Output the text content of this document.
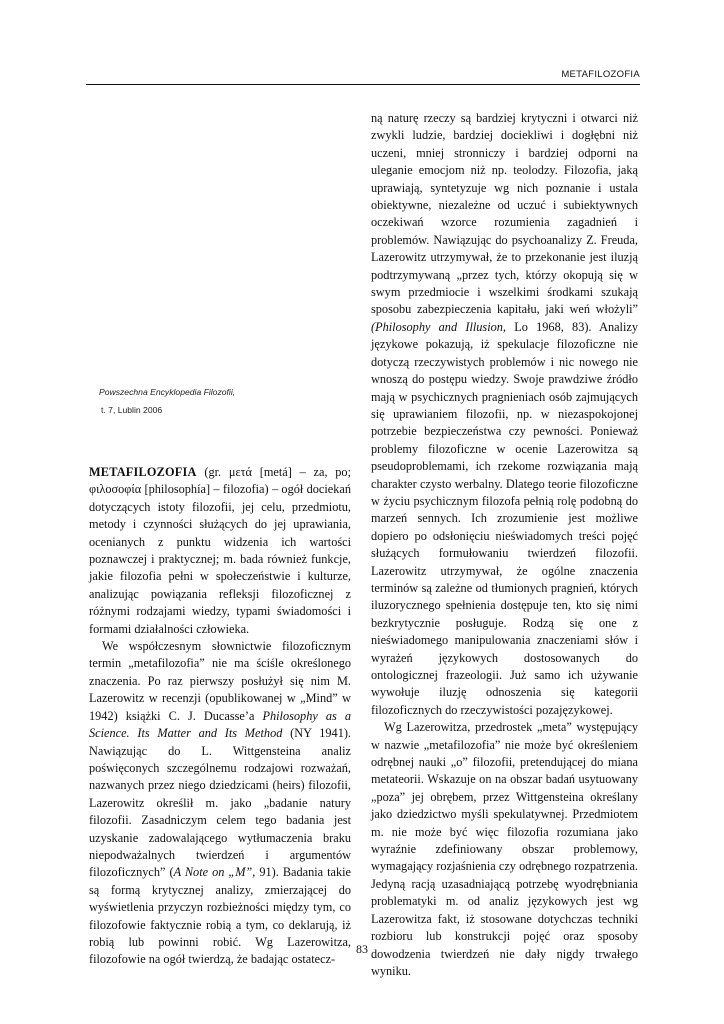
METAFILOZOFIA
Powszechna Encyklopedia Filozofii,
t. 7, Lublin 2006

METAFILOZOFIA (gr. μετά [metá] – za, po; φιλοσοφία [philosophía] – filozofia) – ogół dociekań dotyczących istoty filozofii, jej celu, przedmiotu, metody i czynności służących do jej uprawiania, ocenianych z punktu widzenia ich wartości poznawczej i praktycznej; m. bada również funkcje, jakie filozofia pełni w społeczeństwie i kulturze, analizując powiązania refleksji filozoficznej z różnymi rodzajami wiedzy, typami świadomości i formami działalności człowieka.

We współczesnym słownictwie filozoficznym termin „metafilozofia” nie ma ściśle określonego znaczenia. Po raz pierwszy posłużył się nim M. Lazerowitz w recenzji (opublikowanej w „Mind” w 1942) książki C. J. Ducasse’a Philosophy as a Science. Its Matter and Its Method (NY 1941). Nawiązując do L. Wittgensteina analiz poświęconych szczególnemu rodzajowi rozważań, nazwanych przez niego dziedzicami (heirs) filozofii, Lazerowitz określił m. jako „badanie natury filozofii. Zasadniczym celem tego badania jest uzyskanie zadowalającego wytłumaczenia braku niepodważalnych twierdzeń i argumentów filozoficznych” (A Note on „M”, 91). Badania takie są formą krytycznej analizy, zmierzającej do wyświetlenia przyczyn rozbieżności między tym, co filozofowie faktycznie robią a tym, co deklarują, iż robią lub powinni robić. Wg Lazerowitza, filozofowie na ogół twierdzą, że badając ostatecz-

ną naturę rzeczy są bardziej krytyczni i otwarci niż zwykli ludzie, bardziej dociekliwi i dogłębni niż uczeni, mniej stronniczy i bardziej odporni na uleganie emocjom niż np. teolodzy. Filozofia, jaką uprawiają, syntetyzuje wg nich poznanie i ustala obiektywne, niezależne od uczuć i subiektywnych oczekiwań wzorce rozumienia zagadnień i problemów. Nawiązując do psychoanalizy Z. Freuda, Lazerowitz utrzymywał, że to przekonanie jest iluzją podtrzymywaną „przez tych, którzy okopują się w swym przedmiocie i wszelkimi środkami szukają sposobu zabezpieczenia kapitału, jaki weń włożyli” (Philosophy and Illusion, Lo 1968, 83). Analizy językowe pokazują, iż spekulacje filozoficzne nie dotyczą rzeczywistych problemów i nic nowego nie wnoszą do postępu wiedzy. Swoje prawdziwe źródło mają w psychicznych pragnieniach osób zajmujących się uprawianiem filozofii, np. w niezaspokojonej potrzebie bezpieczeństwa czy pewności. Ponieważ problemy filozoficzne w ocenie Lazerowitza są pseudoproblemami, ich rzekome rozwiązania mają charakter czysto werbalny. Dlatego teorie filozoficzne w życiu psychicznym filozofa pełnią rolę podobną do marzeń sennych. Ich zrozumienie jest możliwe dopiero po odsłonięciu nieświadomych treści pojęć służących formułowaniu twierdzeń filozofii. Lazerowitz utrzymywał, że ogólne znaczenia terminów są zależne od tłumionych pragnień, których iluzorycznego spełnienia dostępuje ten, kto się nimi bezkrytycznie posługuje. Rodzą się one z nieświadomego manipulowania znaczeniami słów i wyrażeń językowych dostosowanych do ontologicznej frazeologii. Już samo ich używanie wywołuje iluzję odnoszenia się kategorii filozoficznych do rzeczywistości pozajęzykowej.

Wg Lazerowitza, przedrostek „meta” występujący w nazwie „metafilozofia” nie może być określeniem odrębnej nauki „o” filozofii, pretendującej do miana metateorii. Wskazuje on na obszar badań usytuowany „poza” jej obrębem, przez Wittgensteina określany jako dziedzictwo myśli spekulatywnej. Przedmiotem m. nie może być więc filozofia rozumiana jako wyraźnie zdefiniowany obszar problemowy, wymagający rozjaśnienia czy odrębnego rozpatrzenia. Jedyną racją uzasadniającą potrzebę wyodrębniania problematyki m. od analiz językowych jest wg Lazerowitza fakt, iż stosowane dotychczas techniki rozbioru lub konstrukcji pojęć oraz sposoby dowodzenia twierdzeń nie dały nigdy trwałego wyniku.

83
